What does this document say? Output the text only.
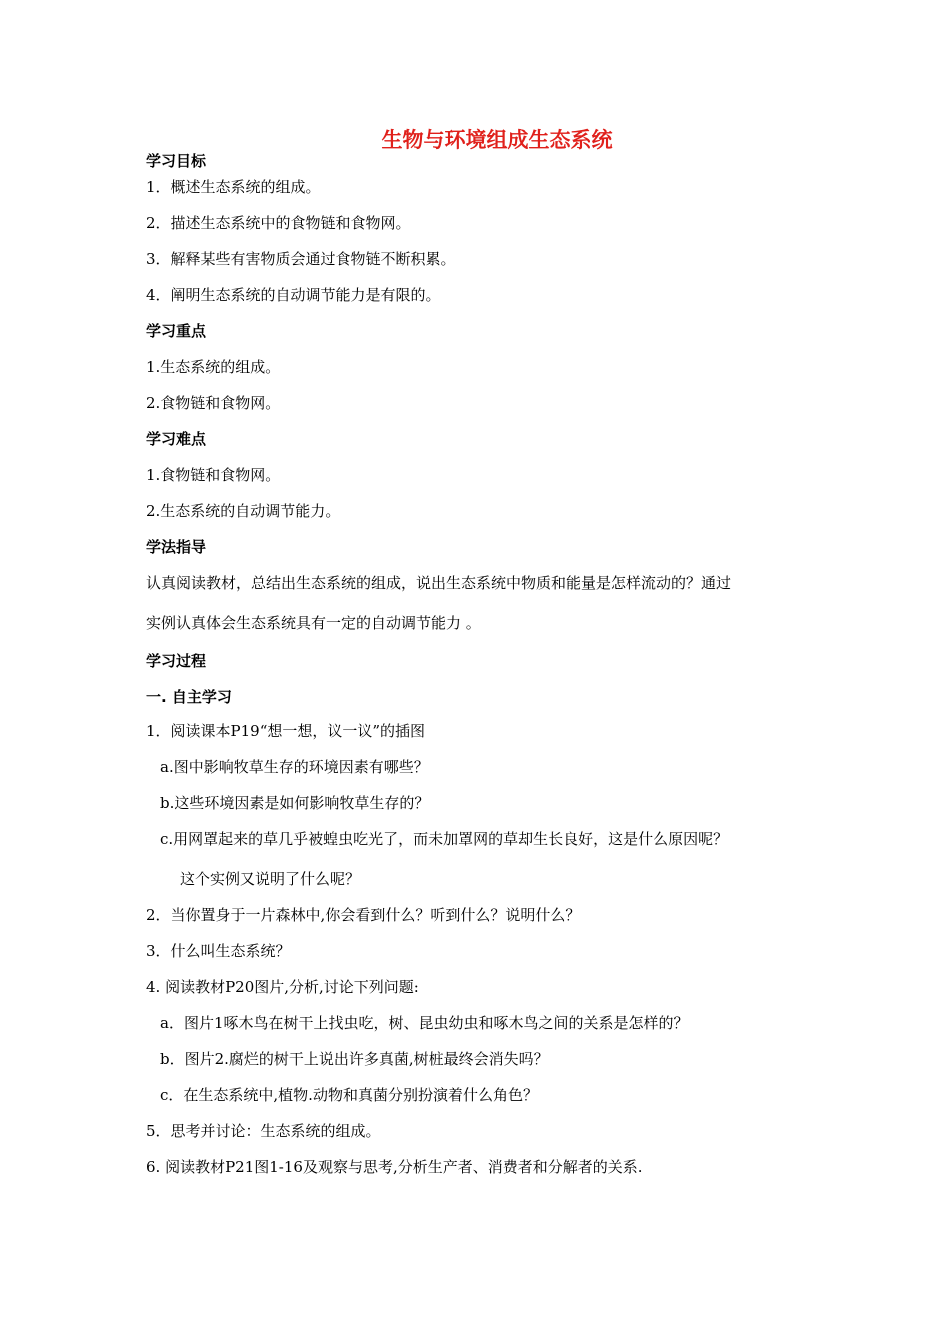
生物与环境组成生态系统
学习目标
1．概述生态系统的组成。
2．描述生态系统中的食物链和食物网。
3．解释某些有害物质会通过食物链不断积累。
4．阐明生态系统的自动调节能力是有限的。
学习重点
1.生态系统的组成。
2.食物链和食物网。
学习难点
1.食物链和食物网。
2.生态系统的自动调节能力。
学法指导
认真阅读教材，总结出生态系统的组成，说出生态系统中物质和能量是怎样流动的？通过
实例认真体会生态系统具有一定的自动调节能力 。
学习过程
一. 自主学习
1．阅读课本P19“想一想，议一议”的插图
a.图中影响牧草生存的环境因素有哪些？
b.这些环境因素是如何影响牧草生存的？
c.用网罩起来的草几乎被蝗虫吃光了，而未加罩网的草却生长良好，这是什么原因呢？
这个实例又说明了什么呢？
2．当你置身于一片森林中,你会看到什么？听到什么？说明什么？
3．什么叫生态系统？
4. 阅读教材P20图片,分析,讨论下列问题:
a．图片1啄木鸟在树干上找虫吃，树、昆虫幼虫和啄木鸟之间的关系是怎样的？
b．图片2.腐烂的树干上说出许多真菌,树桩最终会消失吗？
c．在生态系统中,植物.动物和真菌分别扮演着什么角色？
5．思考并讨论：生态系统的组成。
6. 阅读教材P21图1-16及观察与思考,分析生产者、消费者和分解者的关系.
